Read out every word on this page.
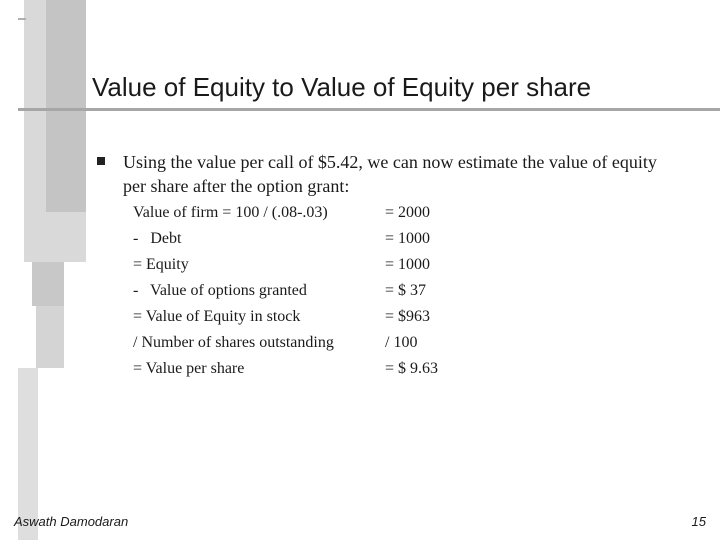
Value of Equity to Value of Equity per share
Using the value per call of $5.42, we can now estimate the value of equity per share after the option grant:
Value of firm = 100 / (.08-.03)	= 2000
-   Debt	= 1000
= Equity	= 1000
-   Value of options granted	= $ 37
= Value of Equity in stock	= $963
/ Number of shares outstanding	/ 100
= Value per share	= $ 9.63
Aswath Damodaran	15
